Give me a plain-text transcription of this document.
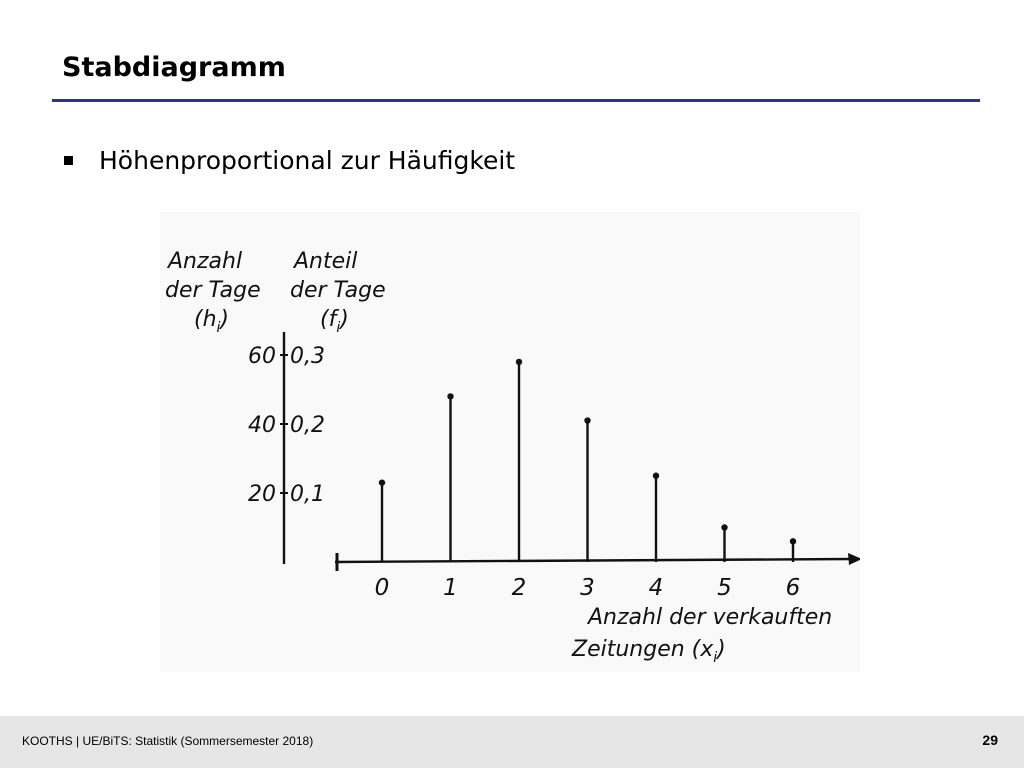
Stabdiagramm
Höhenproportional zur Häufigkeit
Anzahl
der Tage
$(h_i)$
Anteil
der Tage
$(f_i)$
Anzahl der verkauften
Zeitungen $(x_i)$
20 0,1
40 0,2
60 0,3
0 1 2 3 4 5 6
KOOTHS | UE/BiTS: Statistik (Sommersemester 2018)	29
